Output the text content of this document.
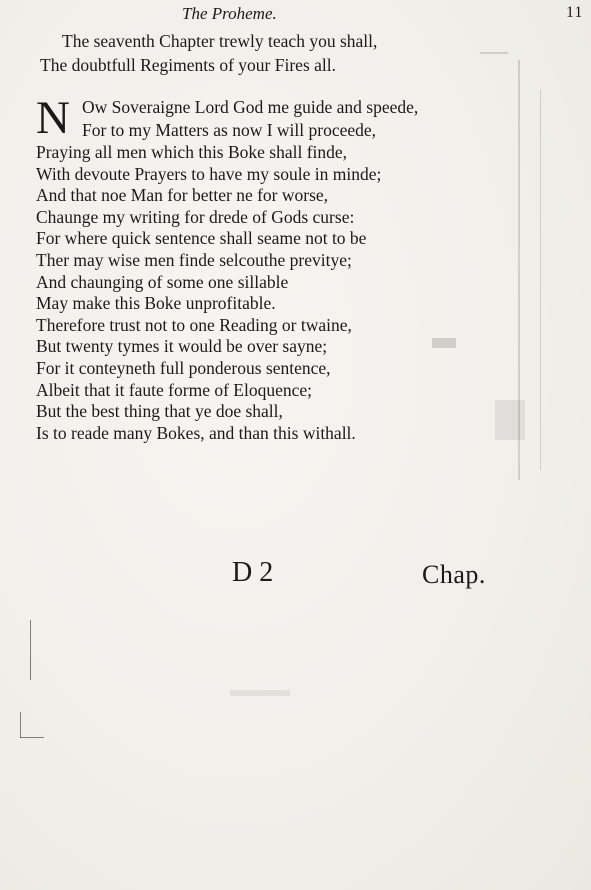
The Proheme.	11
The seaventh Chapter trewly teach you shall,
The doubtfull Regiments of your Fires all.
N Ow Soveraigne Lord God me guide and speede,
For to my Matters as now I will proceede,
Praying all men which this Boke shall finde,
With devoute Prayers to have my soule in minde;
And that noe Man for better ne for worse,
Chaunge my writing for drede of Gods curse:
For where quick sentence shall seame not to be
Ther may wise men finde selcouthe previtye;
And chaunging of some one sillable
May make this Boke unprofitable.
Therefore trust not to one Reading or twaine,
But twenty tymes it would be over sayne;
For it conteyneth full ponderous sentence,
Albeit that it faute forme of Eloquence;
But the best thing that ye doe shall,
Is to reade many Bokes, and than this withall.
D 2	Chap.
